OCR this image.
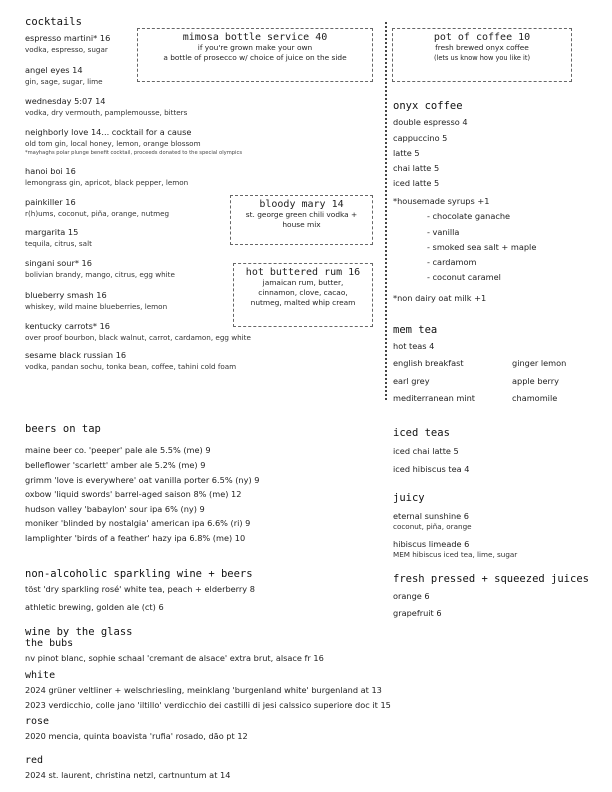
cocktails
espresso martini* 16
vodka, espresso, sugar
angel eyes 14
gin, sage, sugar, lime
wednesday 5:07 14
vodka, dry vermouth, pamplemousse, bitters
neighborly love 14... cocktail for a cause
old tom gin, local honey, lemon, orange blossom
*mayhaghs polar plunge benefit cocktail, proceeds donated to the special olympics
hanoi boi 16
lemongrass gin, apricot, black pepper, lemon
painkiller 16
r(h)ums, coconut, piña, orange, nutmeg
margarita 15
tequila, citrus, salt
singani sour* 16
bolivian brandy, mango, citrus, egg white
blueberry smash 16
whiskey, wild maine blueberries, lemon
kentucky carrots* 16
over proof bourbon, black walnut, carrot, cardamon, egg white
sesame black russian 16
vodka, pandan sochu, tonka bean, coffee, tahini cold foam
mimosa bottle service 40
if you're grown make your own
a bottle of prosecco w/ choice of juice on the side
bloody mary 14
st. george green chili vodka +
house mix
hot buttered rum 16
jamaican rum, butter,
cinnamon, clove, cacao,
nutmeg, malted whip cream
beers on tap
maine beer co. 'peeper' pale ale 5.5% (me) 9
belleflower 'scarlett' amber ale 5.2% (me) 9
grimm 'love is everywhere' oat vanilla porter 6.5% (ny) 9
oxbow 'liquid swords' barrel-aged saison 8% (me) 12
hudson valley 'babaylon' sour ipa 6% (ny) 9
moniker 'blinded by nostalgia' american ipa 6.6% (ri) 9
lamplighter 'birds of a feather' hazy ipa 6.8% (me) 10
non-alcoholic sparkling wine + beers
töst 'dry sparkling rosé' white tea, peach + elderberry 8
athletic brewing, golden ale (ct) 6
wine by the glass
the bubs
nv pinot blanc, sophie schaal 'cremant de alsace' extra brut, alsace fr 16
white
2024 grüner veltliner + welschriesling, meinklang 'burgenland white' burgenland at 13
2023 verdicchio, colle jano 'iltillo' verdicchio dei castilli di jesi calssico superiore doc it 15
rose
2020 mencia, quinta boavista 'rufia' rosado, dão pt 12
red
2024 st. laurent, christina netzl, cartnuntum at 14
pot of coffee 10
fresh brewed onyx coffee
(lets us know how you like it)
onyx coffee
double espresso 4
cappuccino 5
latte 5
chai latte 5
iced latte 5
*housemade syrups +1
- chocolate ganache
- vanilla
- smoked sea salt + maple
- cardamom
- coconut caramel
*non dairy oat milk +1
mem tea
hot teas 4
english breakfast
earl grey
mediterranean mint
ginger lemon
apple berry
chamomile
iced teas
iced chai latte 5
iced hibiscus tea 4
juicy
eternal sunshine 6
coconut, piña, orange
hibiscus limeade 6
MEM hibiscus iced tea, lime, sugar
fresh pressed + squeezed juices
orange 6
grapefruit 6
